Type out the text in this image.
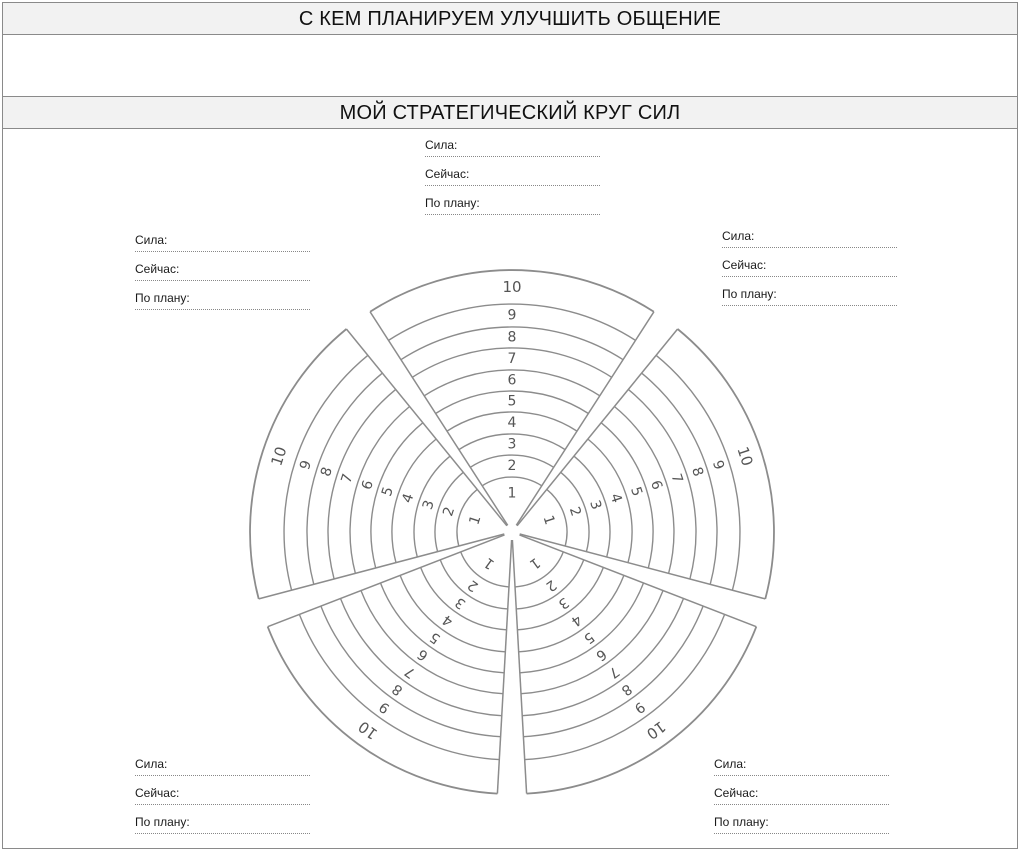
С КЕМ ПЛАНИРУЕМ УЛУЧШИТЬ ОБЩЕНИЕ
МОЙ СТРАТЕГИЧЕСКИЙ КРУГ СИЛ
Сила:
Сейчас:
По плану:
Сила:
Сейчас:
По плану:
Сила:
Сейчас:
По плану:
Сила:
Сейчас:
По плану:
Сила:
Сейчас:
По плану:
1
2
3
4
5
6
7
8
9
10
1
2 3 4 5 6 7 8
9 10
1
2
3
4
5
6
7
8
9
10
1
2
3
4
5
6
7
8
9
10
1
2
3
4
5
6
7
8
9
10
